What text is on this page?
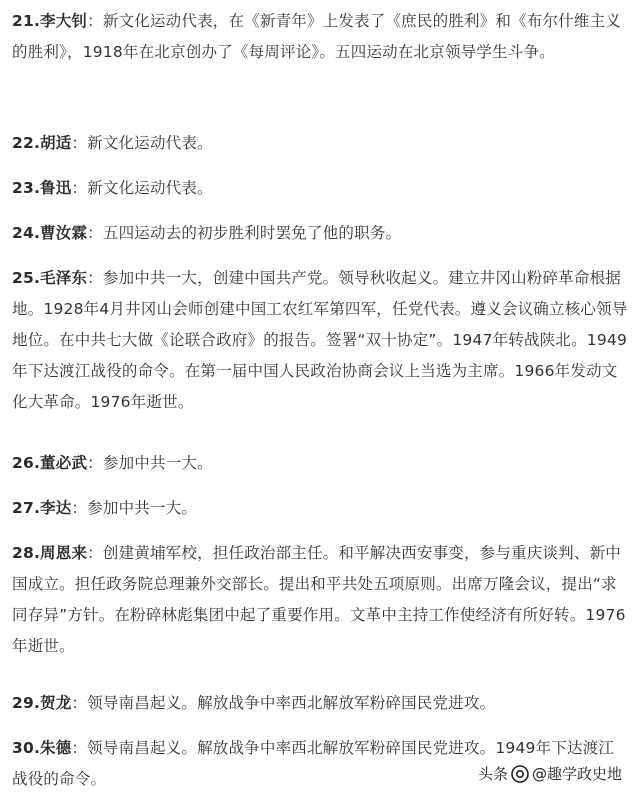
21.李大钊：新文化运动代表，在《新青年》上发表了《庶民的胜利》和《布尔什维主义的胜利》，1918年在北京创办了《每周评论》。五四运动在北京领导学生斗争。

22.胡适：新文化运动代表。

23.鲁迅：新文化运动代表。

24.曹汝霖：五四运动去的初步胜利时罢免了他的职务。

25.毛泽东：参加中共一大，创建中国共产党。领导秋收起义。建立井冈山粉碎革命根据地。1928年4月井冈山会师创建中国工农红军第四军，任党代表。遵义会议确立核心领导地位。在中共七大做《论联合政府》的报告。签署“双十协定”。1947年转战陕北。1949年下达渡江战役的命令。在第一届中国人民政治协商会议上当选为主席。1966年发动文化大革命。1976年逝世。

26.董必武：参加中共一大。

27.李达：参加中共一大。

28.周恩来：创建黄埔军校，担任政治部主任。和平解决西安事变，参与重庆谈判、新中国成立。担任政务院总理兼外交部长。提出和平共处五项原则。出席万隆会议，提出“求同存异”方针。在粉碎林彪集团中起了重要作用。文革中主持工作使经济有所好转。1976年逝世。

29.贺龙：领导南昌起义。解放战争中率西北解放军粉碎国民党进攻。

30.朱德：领导南昌起义。解放战争中率西北解放军粉碎国民党进攻。1949年下达渡江战役的命令。	头条 @趣学政史地
